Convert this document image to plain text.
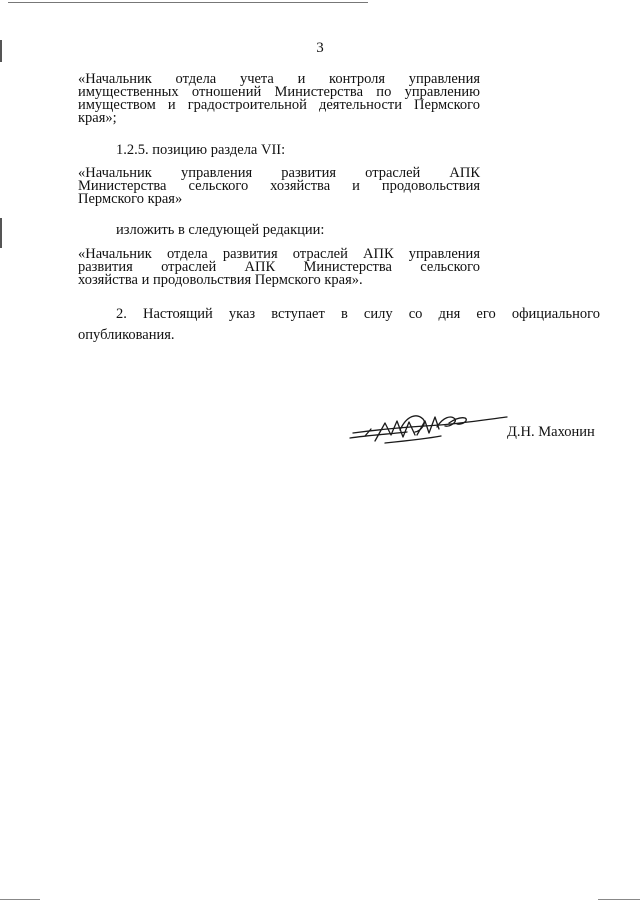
3
«Начальник отдела учета и контроля управления
имущественных отношений Министерства по управлению
имуществом и градостроительной деятельности Пермского
края»;
1.2.5. позицию раздела VII:
«Начальник управления развития отраслей АПК
Министерства сельского хозяйства и продовольствия
Пермского края»
изложить в следующей редакции:
«Начальник отдела развития отраслей АПК управления
развития отраслей АПК Министерства сельского
хозяйства и продовольствия Пермского края».
2. Настоящий указ вступает в силу со дня его официального
опубликования.
Д.Н. Махонин
